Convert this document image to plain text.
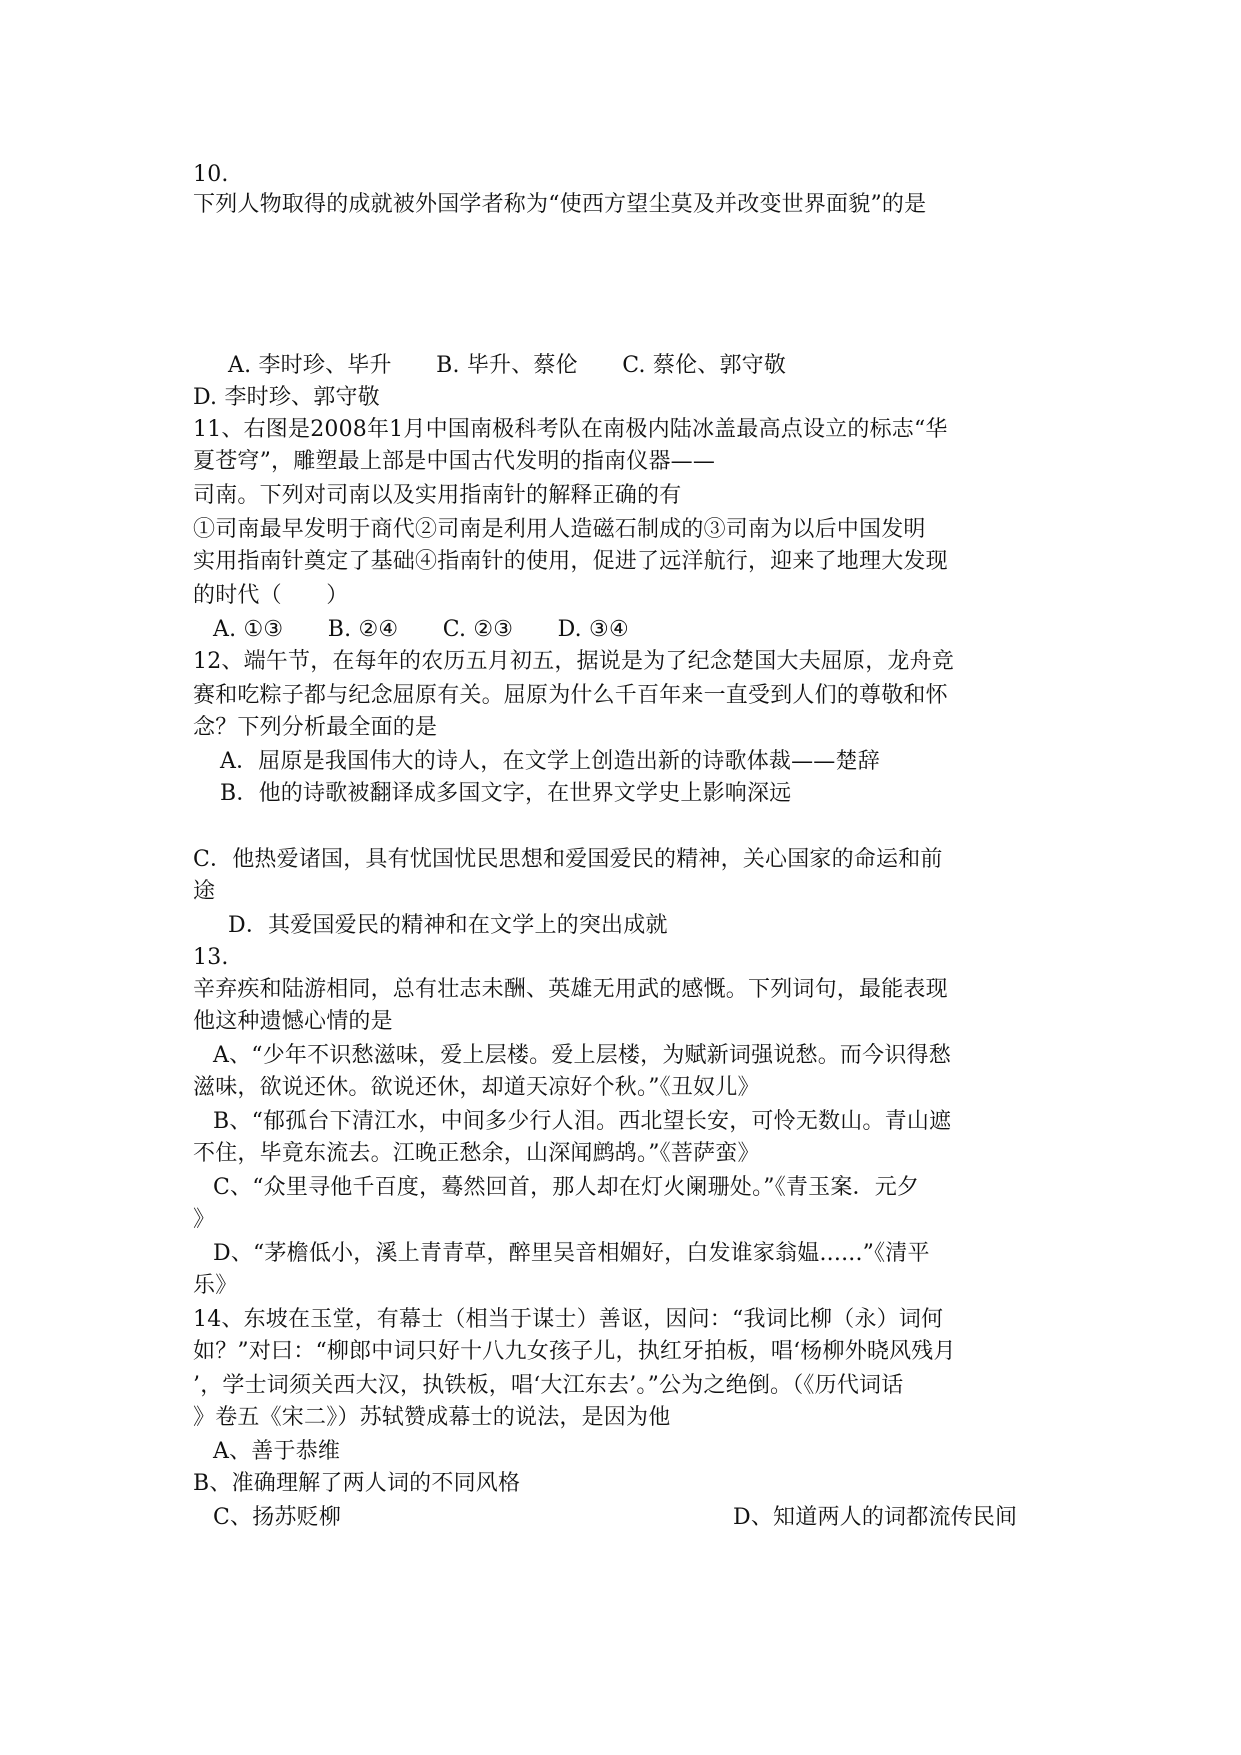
10.
下列人物取得的成就被外国学者称为“使西方望尘莫及并改变世界面貌”的是
A. 李时珍、毕升　　B. 毕升、蔡伦　　C. 蔡伦、郭守敬
D. 李时珍、郭守敬
11、右图是2008年1月中国南极科考队在南极内陆冰盖最高点设立的标志“华
夏苍穹”，雕塑最上部是中国古代发明的指南仪器——
司南。下列对司南以及实用指南针的解释正确的有
①司南最早发明于商代②司南是利用人造磁石制成的③司南为以后中国发明
实用指南针奠定了基础④指南针的使用，促进了远洋航行，迎来了地理大发现
的时代（　　）
A. ①③　　B. ②④　　C. ②③　　D. ③④
12、端午节，在每年的农历五月初五，据说是为了纪念楚国大夫屈原，龙舟竞
赛和吃粽子都与纪念屈原有关。屈原为什么千百年来一直受到人们的尊敬和怀
念？下列分析最全面的是
A．屈原是我国伟大的诗人，在文学上创造出新的诗歌体裁——楚辞
B．他的诗歌被翻译成多国文字，在世界文学史上影响深远
C．他热爱诸国，具有忧国忧民思想和爱国爱民的精神，关心国家的命运和前
途
D．其爱国爱民的精神和在文学上的突出成就
13.
辛弃疾和陆游相同，总有壮志未酬、英雄无用武的感慨。下列词句，最能表现
他这种遗憾心情的是
A、“少年不识愁滋味，爱上层楼。爱上层楼，为赋新词强说愁。而今识得愁
滋味，欲说还休。欲说还休，却道天凉好个秋。”《丑奴儿》
B、“郁孤台下清江水，中间多少行人泪。西北望长安，可怜无数山。青山遮
不住，毕竟东流去。江晚正愁余，山深闻鹧鸪。”《菩萨蛮》
C、“众里寻他千百度，蓦然回首，那人却在灯火阑珊处。”《青玉案．元夕
》
D、“茅檐低小，溪上青青草，醉里吴音相媚好，白发谁家翁媪......”《清平
乐》
14、东坡在玉堂，有幕士（相当于谋士）善讴，因问：“我词比柳（永）词何
如？”对曰：“柳郎中词只好十八九女孩子儿，执红牙拍板，唱‘杨柳外晓风残月
’，学士词须关西大汉，执铁板，唱‘大江东去’。”公为之绝倒。（《历代词话
》卷五《宋二》）苏轼赞成幕士的说法，是因为他
A、善于恭维
B、准确理解了两人词的不同风格
C、扬苏贬柳	D、知道两人的词都流传民间
